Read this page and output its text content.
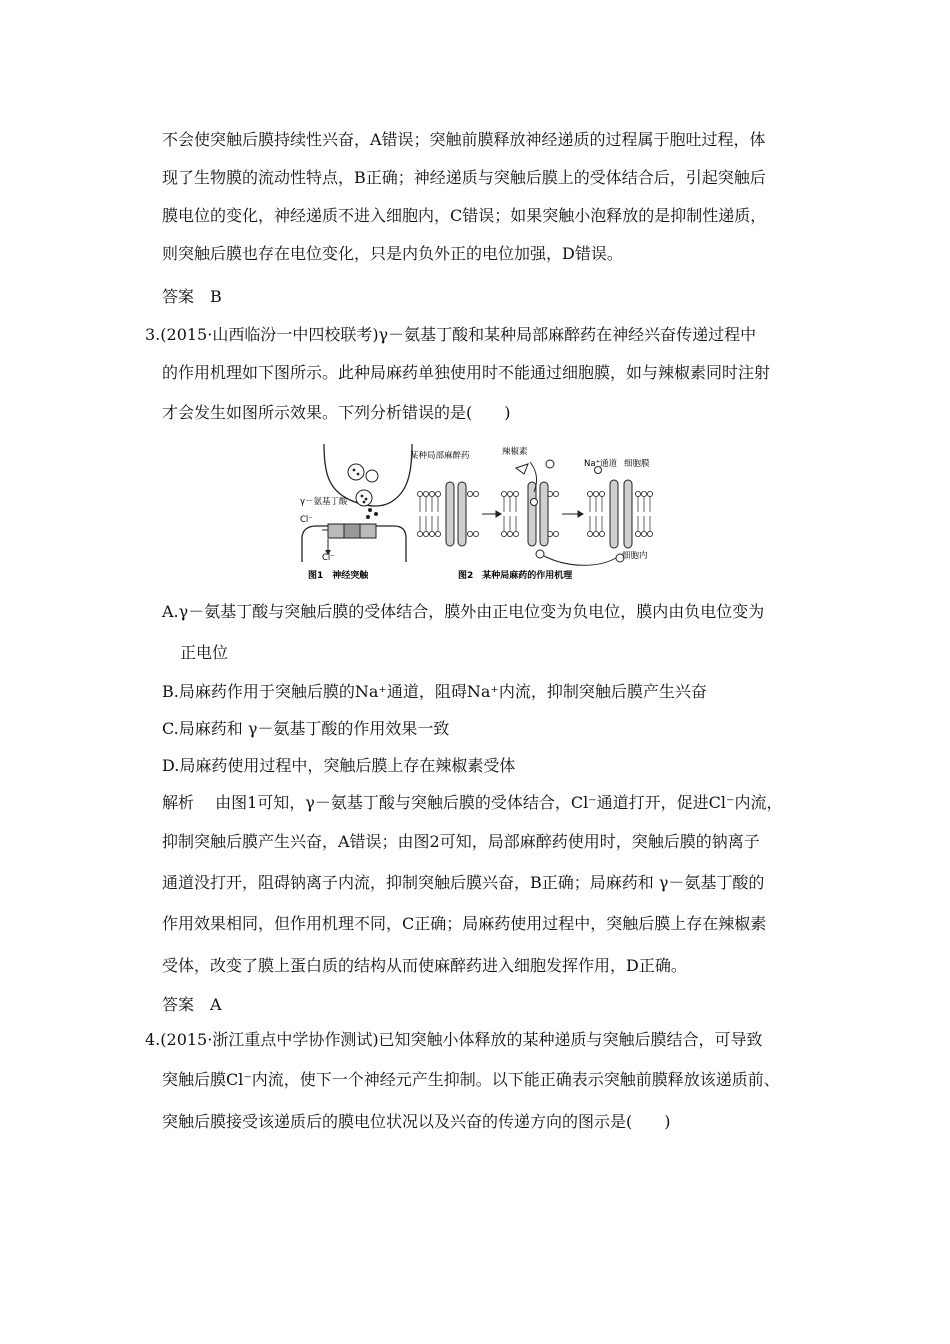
不会使突触后膜持续性兴奋，A错误；突触前膜释放神经递质的过程属于胞吐过程，体
现了生物膜的流动性特点，B正确；神经递质与突触后膜上的受体结合后，引起突触后
膜电位的变化，神经递质不进入细胞内，C错误；如果突触小泡释放的是抑制性递质，
则突触后膜也存在电位变化，只是内负外正的电位加强，D错误。
答案　B
3.(2015·山西临汾一中四校联考)γ－氨基丁酸和某种局部麻醉药在神经兴奋传递过程中
的作用机理如下图所示。此种局麻药单独使用时不能通过细胞膜，如与辣椒素同时注射
才会发生如图所示效果。下列分析错误的是(　　)
γ－氨基丁酸
Cl⁻
Cl⁻
图1　神经突触
某种局部麻醉药	辣椒素
Na⁺通道 细胞膜
细胞内
图2　某种局麻药的作用机理
A.γ－氨基丁酸与突触后膜的受体结合，膜外由正电位变为负电位，膜内由负电位变为
正电位
B.局麻药作用于突触后膜的Na⁺通道，阻碍Na⁺内流，抑制突触后膜产生兴奋
C.局麻药和 γ－氨基丁酸的作用效果一致
D.局麻药使用过程中，突触后膜上存在辣椒素受体
解析　 由图1可知，γ－氨基丁酸与突触后膜的受体结合，Cl⁻通道打开，促进Cl⁻内流，
抑制突触后膜产生兴奋，A错误；由图2可知，局部麻醉药使用时，突触后膜的钠离子
通道没打开，阻碍钠离子内流，抑制突触后膜兴奋，B正确；局麻药和 γ－氨基丁酸的
作用效果相同，但作用机理不同，C正确；局麻药使用过程中，突触后膜上存在辣椒素
受体，改变了膜上蛋白质的结构从而使麻醉药进入细胞发挥作用，D正确。
答案　A
4.(2015·浙江重点中学协作测试)已知突触小体释放的某种递质与突触后膜结合，可导致
突触后膜Cl⁻内流，使下一个神经元产生抑制。以下能正确表示突触前膜释放该递质前、
突触后膜接受该递质后的膜电位状况以及兴奋的传递方向的图示是(　　)
